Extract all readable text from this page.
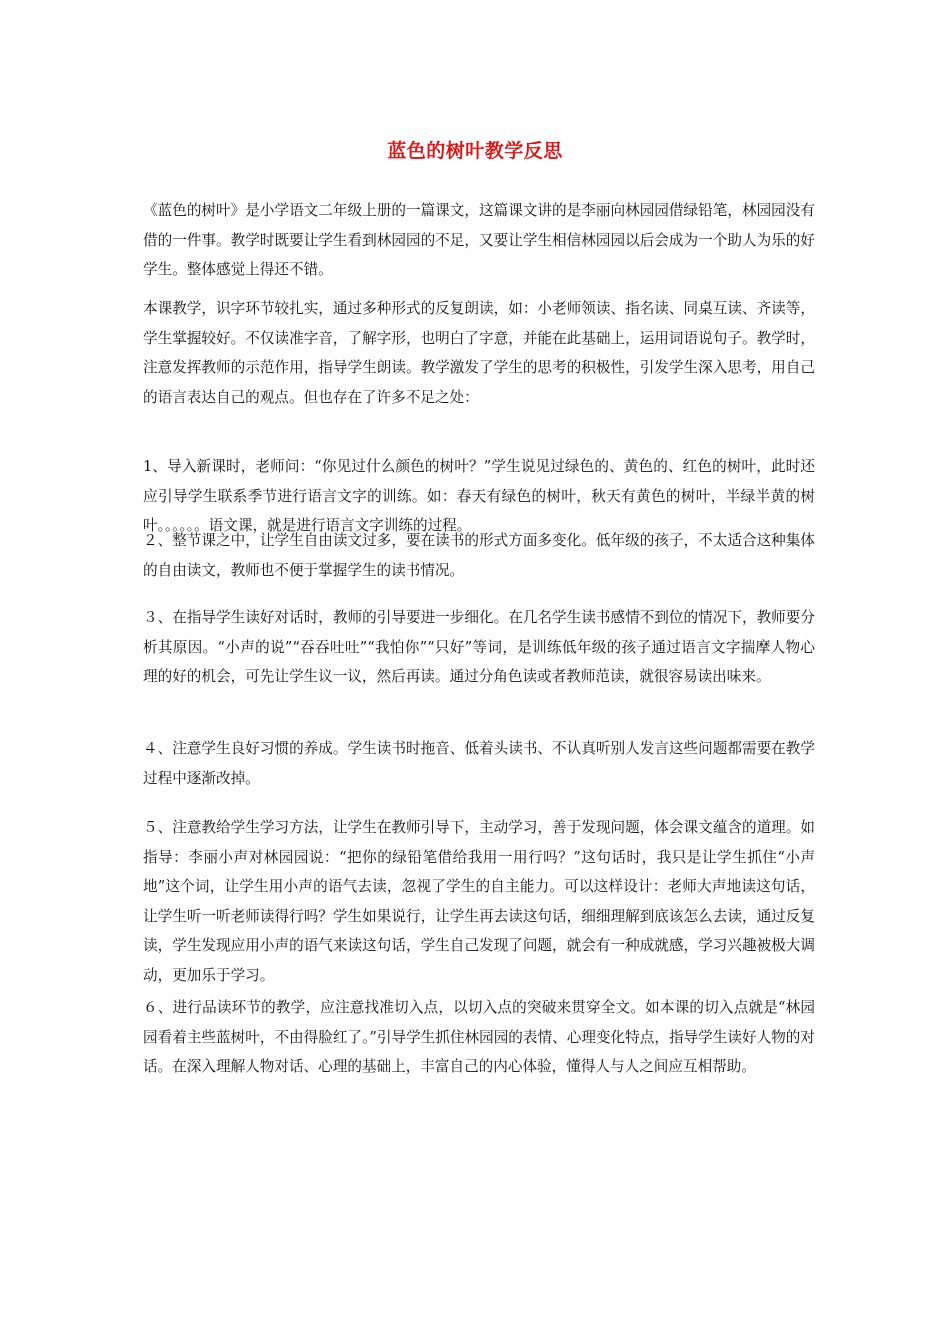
蓝色的树叶教学反思

《蓝色的树叶》是小学语文二年级上册的一篇课文，这篇课文讲的是李丽向林园园借绿铅笔，林园园没有借的一件事。教学时既要让学生看到林园园的不足，又要让学生相信林园园以后会成为一个助人为乐的好学生。整体感觉上得还不错。

本课教学，识字环节较扎实，通过多种形式的反复朗读，如：小老师领读、指名读、同桌互读、齐读等，学生掌握较好。不仅读准字音，了解字形，也明白了字意，并能在此基础上，运用词语说句子。教学时，注意发挥教师的示范作用，指导学生朗读。教学激发了学生的思考的积极性，引发学生深入思考，用自己的语言表达自己的观点。但也存在了许多不足之处：

1、导入新课时，老师问：“你见过什么颜色的树叶？”学生说见过绿色的、黄色的、红色的树叶，此时还应引导学生联系季节进行语言文字的训练。如：春天有绿色的树叶，秋天有黄色的树叶，半绿半黄的树叶。。。。。。语文课，就是进行语言文字训练的过程。

２、整节课之中，让学生自由读文过多，要在读书的形式方面多变化。低年级的孩子，不太适合这种集体的自由读文，教师也不便于掌握学生的读书情况。

３、在指导学生读好对话时，教师的引导要进一步细化。在几名学生读书感情不到位的情况下，教师要分析其原因。“小声的说”“吞吞吐吐”“我怕你”“只好”等词，是训练低年级的孩子通过语言文字揣摩人物心理的好的机会，可先让学生议一议，然后再读。通过分角色读或者教师范读，就很容易读出味来。

４、注意学生良好习惯的养成。学生读书时拖音、低着头读书、不认真听别人发言这些问题都需要在教学过程中逐渐改掉。

５、注意教给学生学习方法，让学生在教师引导下，主动学习，善于发现问题，体会课文蕴含的道理。如指导：李丽小声对林园园说：“把你的绿铅笔借给我用一用行吗？”这句话时，我只是让学生抓住“小声地”这个词，让学生用小声的语气去读，忽视了学生的自主能力。可以这样设计：老师大声地读这句话，让学生听一听老师读得行吗？学生如果说行，让学生再去读这句话，细细理解到底该怎么去读，通过反复读，学生发现应用小声的语气来读这句话，学生自己发现了问题，就会有一种成就感，学习兴趣被极大调动，更加乐于学习。

６、进行品读环节的教学，应注意找准切入点，以切入点的突破来贯穿全文。如本课的切入点就是“林园园看着主些蓝树叶，不由得脸红了。”引导学生抓住林园园的表情、心理变化特点，指导学生读好人物的对话。在深入理解人物对话、心理的基础上，丰富自己的内心体验，懂得人与人之间应互相帮助。
